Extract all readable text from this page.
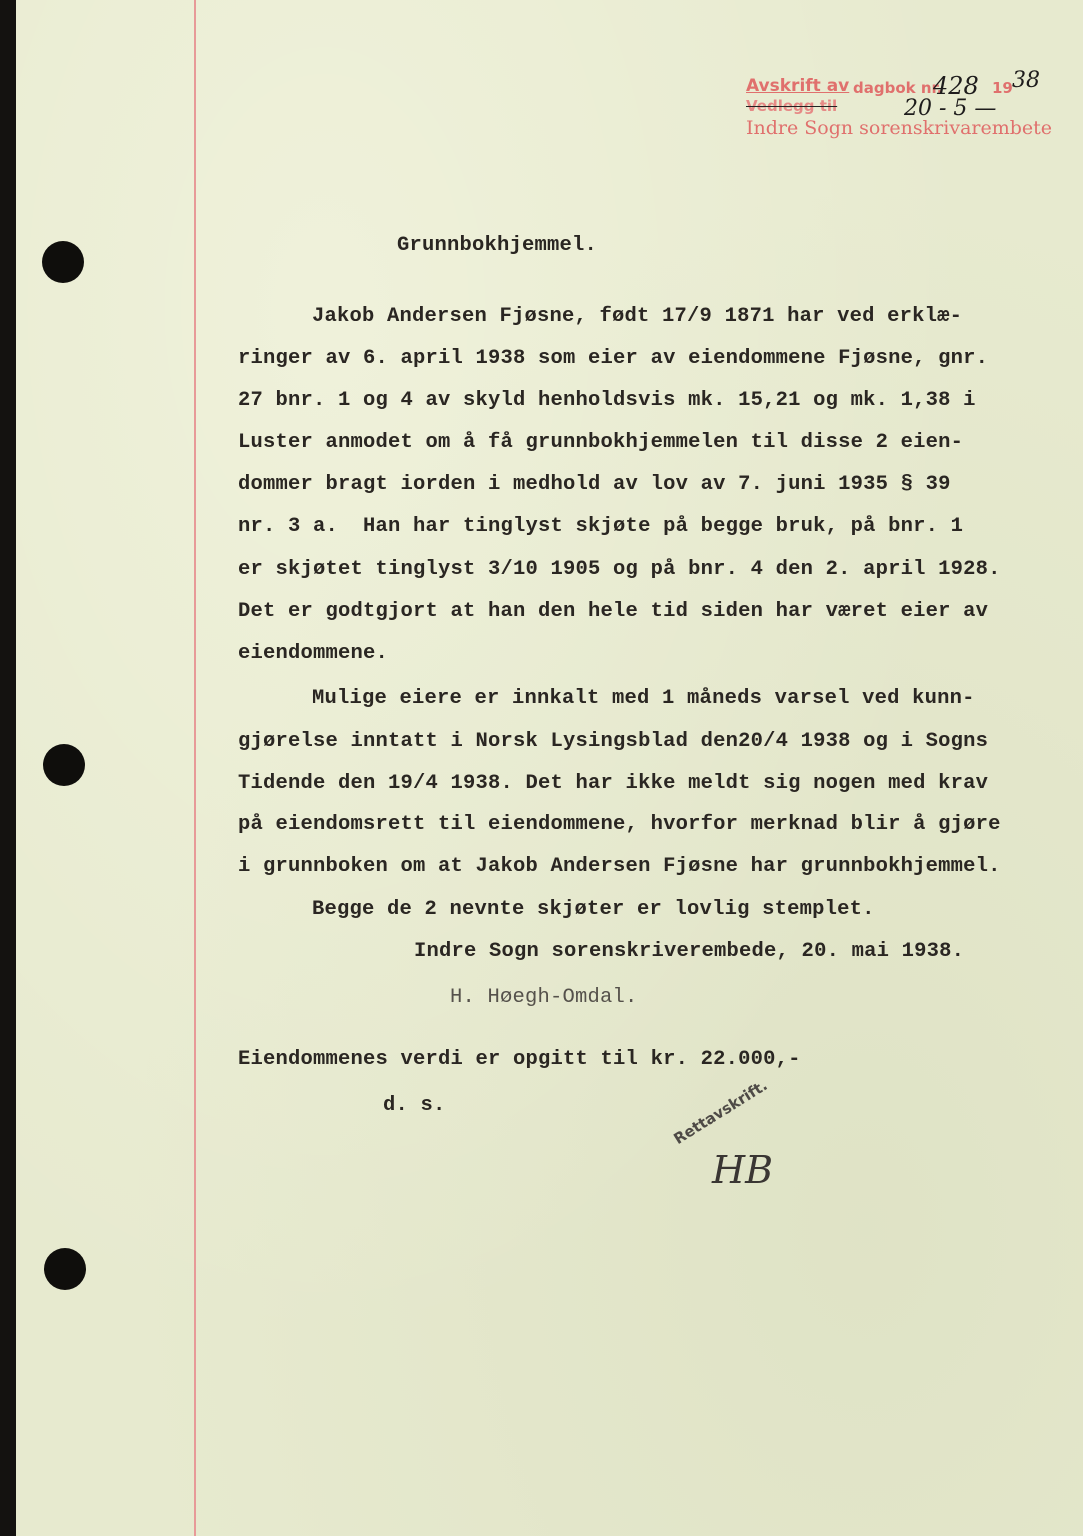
Avskrift av dagbok nr.
428 19 38
Vedlegg til	20 - 5 —
Indre Sogn sorenskrivarembete
Grunnbokhjemmel.
Jakob Andersen Fjøsne, født 17/9 1871 har ved erklæ-
ringer av 6. april 1938 som eier av eiendommene Fjøsne, gnr.
27 bnr. 1 og 4 av skyld henholdsvis mk. 15,21 og mk. 1,38 i
Luster anmodet om å få grunnbokhjemmelen til disse 2 eien-
dommer bragt iorden i medhold av lov av 7. juni 1935 § 39
nr. 3 a.  Han har tinglyst skjøte på begge bruk, på bnr. 1
er skjøtet tinglyst 3/10 1905 og på bnr. 4 den 2. april 1928.
Det er godtgjort at han den hele tid siden har været eier av
eiendommene.
Mulige eiere er innkalt med 1 måneds varsel ved kunn-
gjørelse inntatt i Norsk Lysingsblad den20/4 1938 og i Sogns
Tidende den 19/4 1938. Det har ikke meldt sig nogen med krav
på eiendomsrett til eiendommene, hvorfor merknad blir å gjøre
i grunnboken om at Jakob Andersen Fjøsne har grunnbokhjemmel.
Begge de 2 nevnte skjøter er lovlig stemplet.
Indre Sogn sorenskriverembede, 20. mai 1938.
H. Høegh-Omdal.
Eiendommenes verdi er opgitt til kr. 22.000,-
d. s.	Rettavskrift.
HB
